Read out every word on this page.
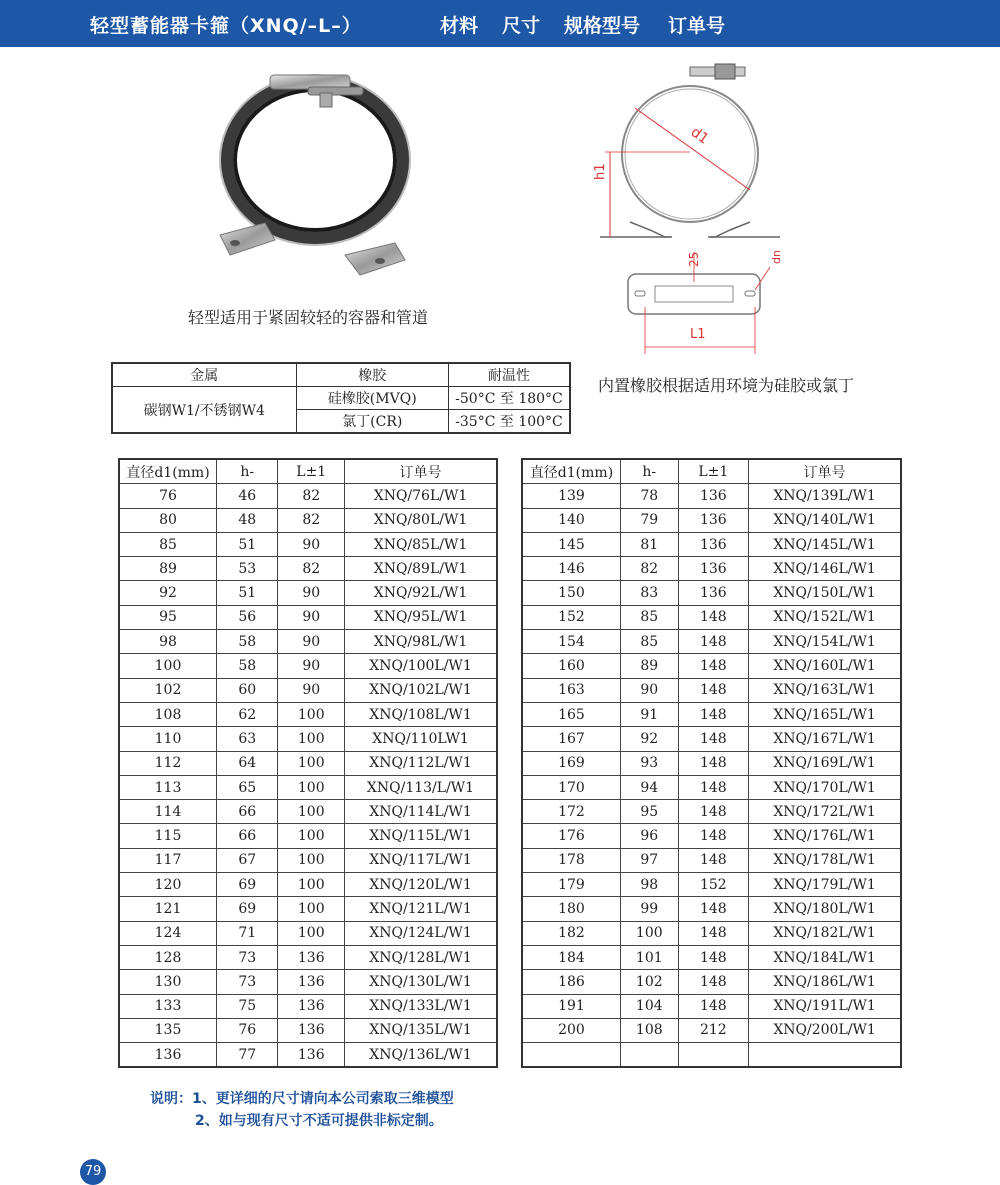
轻型蓄能器卡箍（XNQ/–L–）	材料 尺寸 规格型号 订单号
d1
h1
25	dn
L1
轻型适用于紧固较轻的容器和管道
内置橡胶根据适用环境为硅胶或氯丁
金属	橡胶	耐温性
碳钢W1/不锈钢W4	硅橡胶(MVQ)	-50°C 至 180°C
	氯丁(CR)	-35°C 至 100°C
直径d1(mm)	h-	L±1	订单号
76	46	82	XNQ/76L/W1
80	48	82	XNQ/80L/W1
85	51	90	XNQ/85L/W1
89	53	82	XNQ/89L/W1
92	51	90	XNQ/92L/W1
95	56	90	XNQ/95L/W1
98	58	90	XNQ/98L/W1
100	58	90	XNQ/100L/W1
102	60	90	XNQ/102L/W1
108	62	100	XNQ/108L/W1
110	63	100	XNQ/110LW1
112	64	100	XNQ/112L/W1
113	65	100	XNQ/113/L/W1
114	66	100	XNQ/114L/W1
115	66	100	XNQ/115L/W1
117	67	100	XNQ/117L/W1
120	69	100	XNQ/120L/W1
121	69	100	XNQ/121L/W1
124	71	100	XNQ/124L/W1
128	73	136	XNQ/128L/W1
130	73	136	XNQ/130L/W1
133	75	136	XNQ/133L/W1
135	76	136	XNQ/135L/W1
136	77	136	XNQ/136L/W1
直径d1(mm)	h-	L±1	订单号
139	78	136	XNQ/139L/W1
140	79	136	XNQ/140L/W1
145	81	136	XNQ/145L/W1
146	82	136	XNQ/146L/W1
150	83	136	XNQ/150L/W1
152	85	148	XNQ/152L/W1
154	85	148	XNQ/154L/W1
160	89	148	XNQ/160L/W1
163	90	148	XNQ/163L/W1
165	91	148	XNQ/165L/W1
167	92	148	XNQ/167L/W1
169	93	148	XNQ/169L/W1
170	94	148	XNQ/170L/W1
172	95	148	XNQ/172L/W1
176	96	148	XNQ/176L/W1
178	97	148	XNQ/178L/W1
179	98	152	XNQ/179L/W1
180	99	148	XNQ/180L/W1
182	100	148	XNQ/182L/W1
184	101	148	XNQ/184L/W1
186	102	148	XNQ/186L/W1
191	104	148	XNQ/191L/W1
200	108	212	XNQ/200L/W1

说明：1、更详细的尺寸请向本公司索取三维模型
2、如与现有尺寸不适可提供非标定制。
79
